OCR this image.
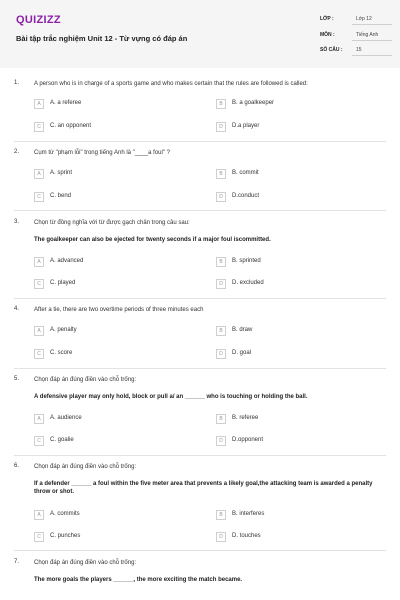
QUIZIZZ
Bài tập trắc nghiệm Unit 12 - Từ vựng có đáp án
LỚP :	Lớp 12
MÔN :	Tiếng Anh
SỐ CÂU :	15
1. A person who is in charge of a sports game and who makes certain that the rules are followed is called:
A	A. a referee	B	B. a goalkeeper
C	C. an opponent	D	D.a player
2. Cụm từ "phạm lỗi" trong tiếng Anh là "____a foul" ?
A	A. sprint	B	B. commit
C	C. bend	D	D.conduct
3. Chọn từ đồng nghĩa với từ được gạch chân trong câu sau:
The goalkeeper can also be ejected for twenty seconds if a major foul iscommitted.
A	A. advanced	B	B. sprinted
C	C. played	D	D. excluded
4. After a tie, there are two overtime periods of three minutes each
A	A. penalty	B	B. draw
C	C. score	D	D. goal
5. Chọn đáp án đúng điền vào chỗ trống:
A defensive player may only hold, block or pull a/ an ______ who is touching or holding the ball.
A	A. audience	B	B. referee
C	C. goalie	D	D.opponent
6. Chọn đáp án đúng điền vào chỗ trống:
If a defender ______ a foul within the five meter area that prevents a likely goal,the attacking team is awarded a penalty throw or shot.
A	A. commits	B	B. interferes
C	C. punches	D	D. touches
7. Chọn đáp án đúng điền vào chỗ trống:
The more goals the players ______, the more exciting the match became.
